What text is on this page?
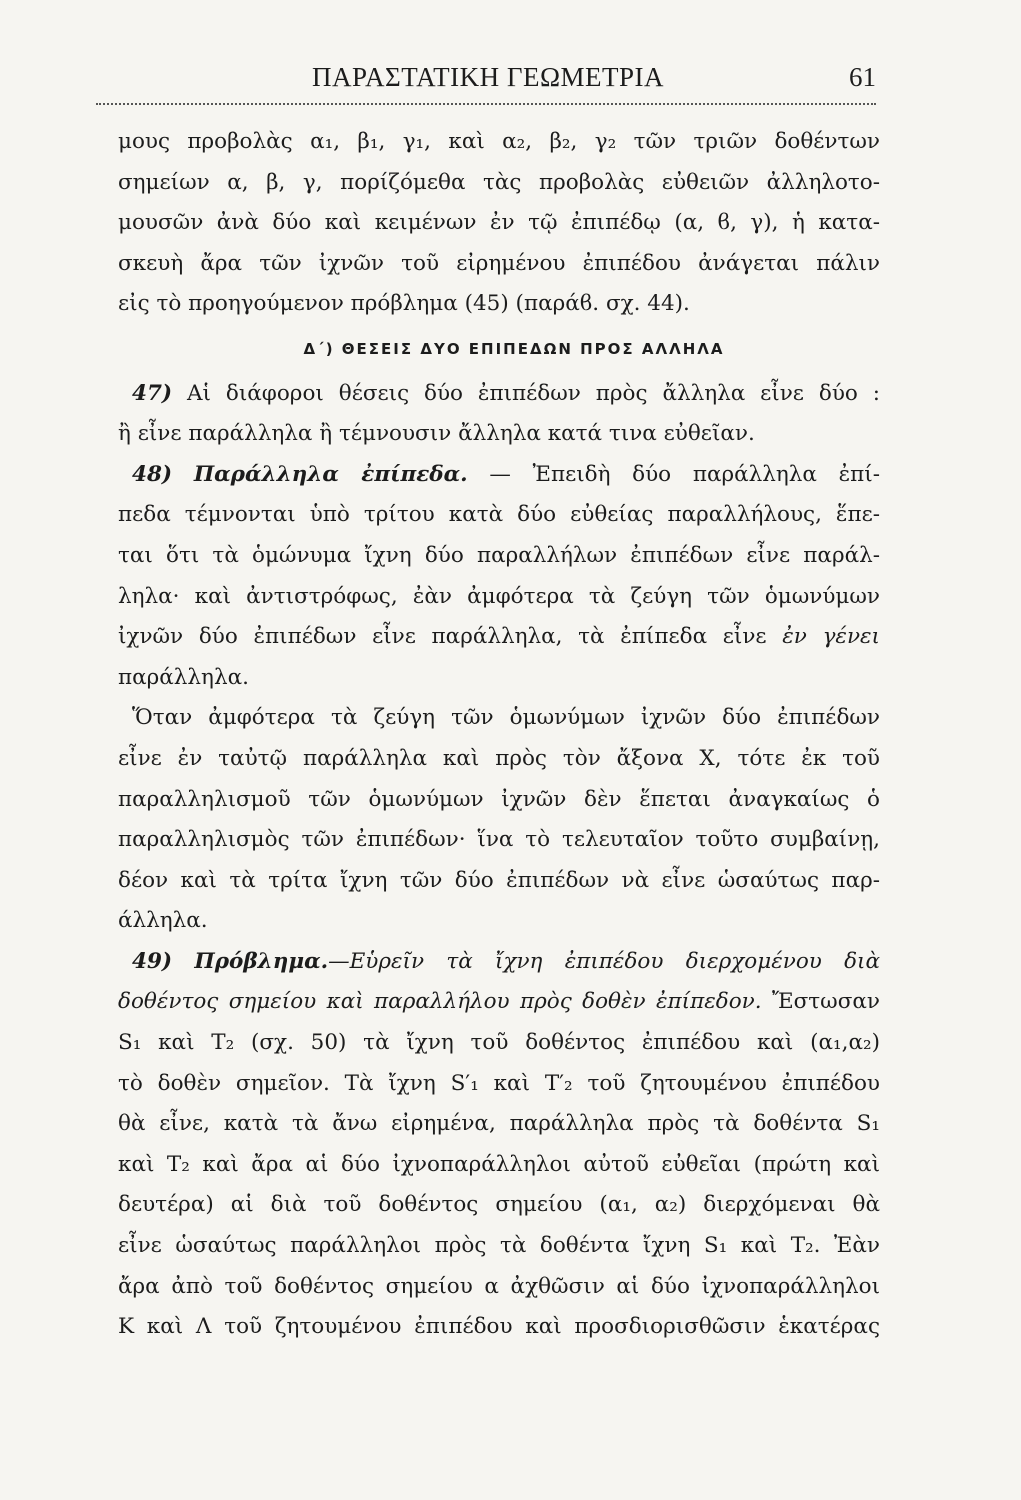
ΠΑΡΑΣΤΑΤΙΚΗ ΓΕΩΜΕΤΡΙΑ	61
μους προβολὰς α₁, β₁, γ₁, καὶ α₂, β₂, γ₂ τῶν τριῶν δοθέντων
σημείων α, β, γ, πορίζόμεθα τὰς προβολὰς εὐθειῶν ἀλληλοτο-
μουσῶν ἀνὰ δύο καὶ κειμένων ἐν τῷ ἐπιπέδῳ (α, ϐ, γ), ἡ κατα-
σκευὴ ἄρα τῶν ἰχνῶν τοῦ εἰρημένου ἐπιπέδου ἀνάγεται πάλιν
εἰς τὸ προηγούμενον πρόβλημα (45) (παράϐ. σχ. 44).
Δ΄) ΘΕΣΕΙΣ ΔΥΟ ΕΠΙΠΕΔΩΝ ΠΡΟΣ ΑΛΛΗΛΑ
47) Αἱ διάφοροι θέσεις δύο ἐπιπέδων πρὸς ἄλληλα εἶνε δύο :
ἢ εἶνε παράλληλα ἢ τέμνουσιν ἄλληλα κατά τινα εὐθεῖαν.
48) Παράλληλα ἐπίπεδα. — Ἐπειδὴ δύο παράλληλα ἐπί-
πεδα τέμνονται ὑπὸ τρίτου κατὰ δύο εὐθείας παραλλήλους, ἕπε-
ται ὅτι τὰ ὁμώνυμα ἴχνη δύο παραλλήλων ἐπιπέδων εἶνε παράλ-
ληλα· καὶ ἀντιστρόφως, ἐὰν ἀμφότερα τὰ ζεύγη τῶν ὁμωνύμων
ἰχνῶν δύο ἐπιπέδων εἶνε παράλληλα, τὰ ἐπίπεδα εἶνε ἐν γένει
παράλληλα.
Ὅταν ἀμφότερα τὰ ζεύγη τῶν ὁμωνύμων ἰχνῶν δύο ἐπιπέδων
εἶνε ἐν ταὐτῷ παράλληλα καὶ πρὸς τὸν ἄξονα X, τότε ἐκ τοῦ
παραλληλισμοῦ τῶν ὁμωνύμων ἰχνῶν δὲν ἕπεται ἀναγκαίως ὁ
παραλληλισμὸς τῶν ἐπιπέδων· ἵνα τὸ τελευταῖον τοῦτο συμβαίνῃ,
δέον καὶ τὰ τρίτα ἴχνη τῶν δύο ἐπιπέδων νὰ εἶνε ὡσαύτως παρ-
άλληλα.
49) Πρόβλημα.—Εὑρεῖν τὰ ἴχνη ἐπιπέδου διερχομένου διὰ
δοθέντος σημείου καὶ παραλλήλου πρὸς δοθὲν ἐπίπεδον. Ἔστωσαν
S₁ καὶ T₂ (σχ. 50) τὰ ἴχνη τοῦ δοθέντος ἐπιπέδου καὶ (α₁,α₂)
τὸ δοθὲν σημεῖον. Τὰ ἴχνη S′₁ καὶ T′₂ τοῦ ζητουμένου ἐπιπέδου
θὰ εἶνε, κατὰ τὰ ἄνω εἰρημένα, παράλληλα πρὸς τὰ δοθέντα S₁
καὶ T₂ καὶ ἄρα αἱ δύο ἰχνοπαράλληλοι αὐτοῦ εὐθεῖαι (πρώτη καὶ
δευτέρα) αἱ διὰ τοῦ δοθέντος σημείου (α₁, α₂) διερχόμεναι θὰ
εἶνε ὡσαύτως παράλληλοι πρὸς τὰ δοθέντα ἴχνη S₁ καὶ T₂. Ἐὰν
ἄρα ἀπὸ τοῦ δοθέντος σημείου α ἀχθῶσιν αἱ δύο ἰχνοπαράλληλοι
K καὶ Λ τοῦ ζητουμένου ἐπιπέδου καὶ προσδιορισθῶσιν ἑκατέρας
